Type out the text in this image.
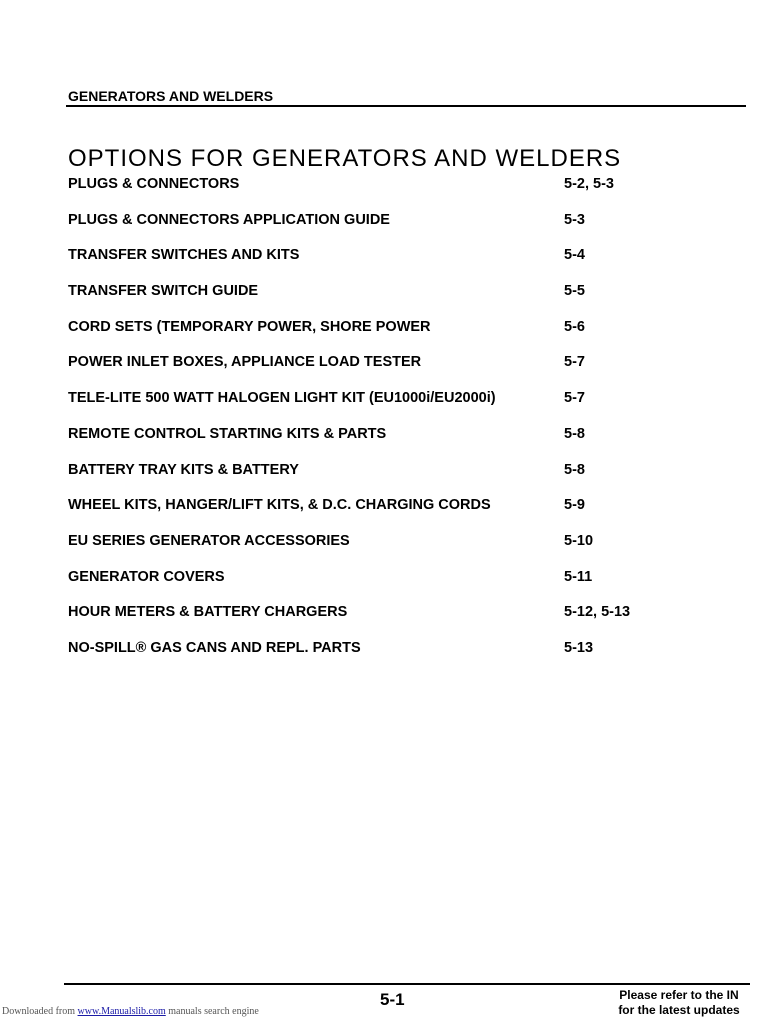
GENERATORS AND WELDERS
OPTIONS FOR GENERATORS AND WELDERS
PLUGS & CONNECTORS	5-2, 5-3
PLUGS & CONNECTORS APPLICATION GUIDE	5-3
TRANSFER SWITCHES AND KITS	5-4
TRANSFER SWITCH GUIDE	5-5
CORD SETS (TEMPORARY POWER, SHORE POWER	5-6
POWER INLET BOXES, APPLIANCE LOAD TESTER	5-7
TELE-LITE 500 WATT HALOGEN LIGHT KIT (EU1000i/EU2000i)	5-7
REMOTE CONTROL STARTING KITS & PARTS	5-8
BATTERY TRAY KITS & BATTERY	5-8
WHEEL KITS, HANGER/LIFT KITS, & D.C. CHARGING CORDS	5-9
EU SERIES GENERATOR ACCESSORIES	5-10
GENERATOR COVERS	5-11
HOUR METERS & BATTERY CHARGERS	5-12, 5-13
NO-SPILL® GAS CANS AND REPL. PARTS	5-13
5-1	Please refer to the IN
for the latest updates
Downloaded from www.Manualslib.com manuals search engine
